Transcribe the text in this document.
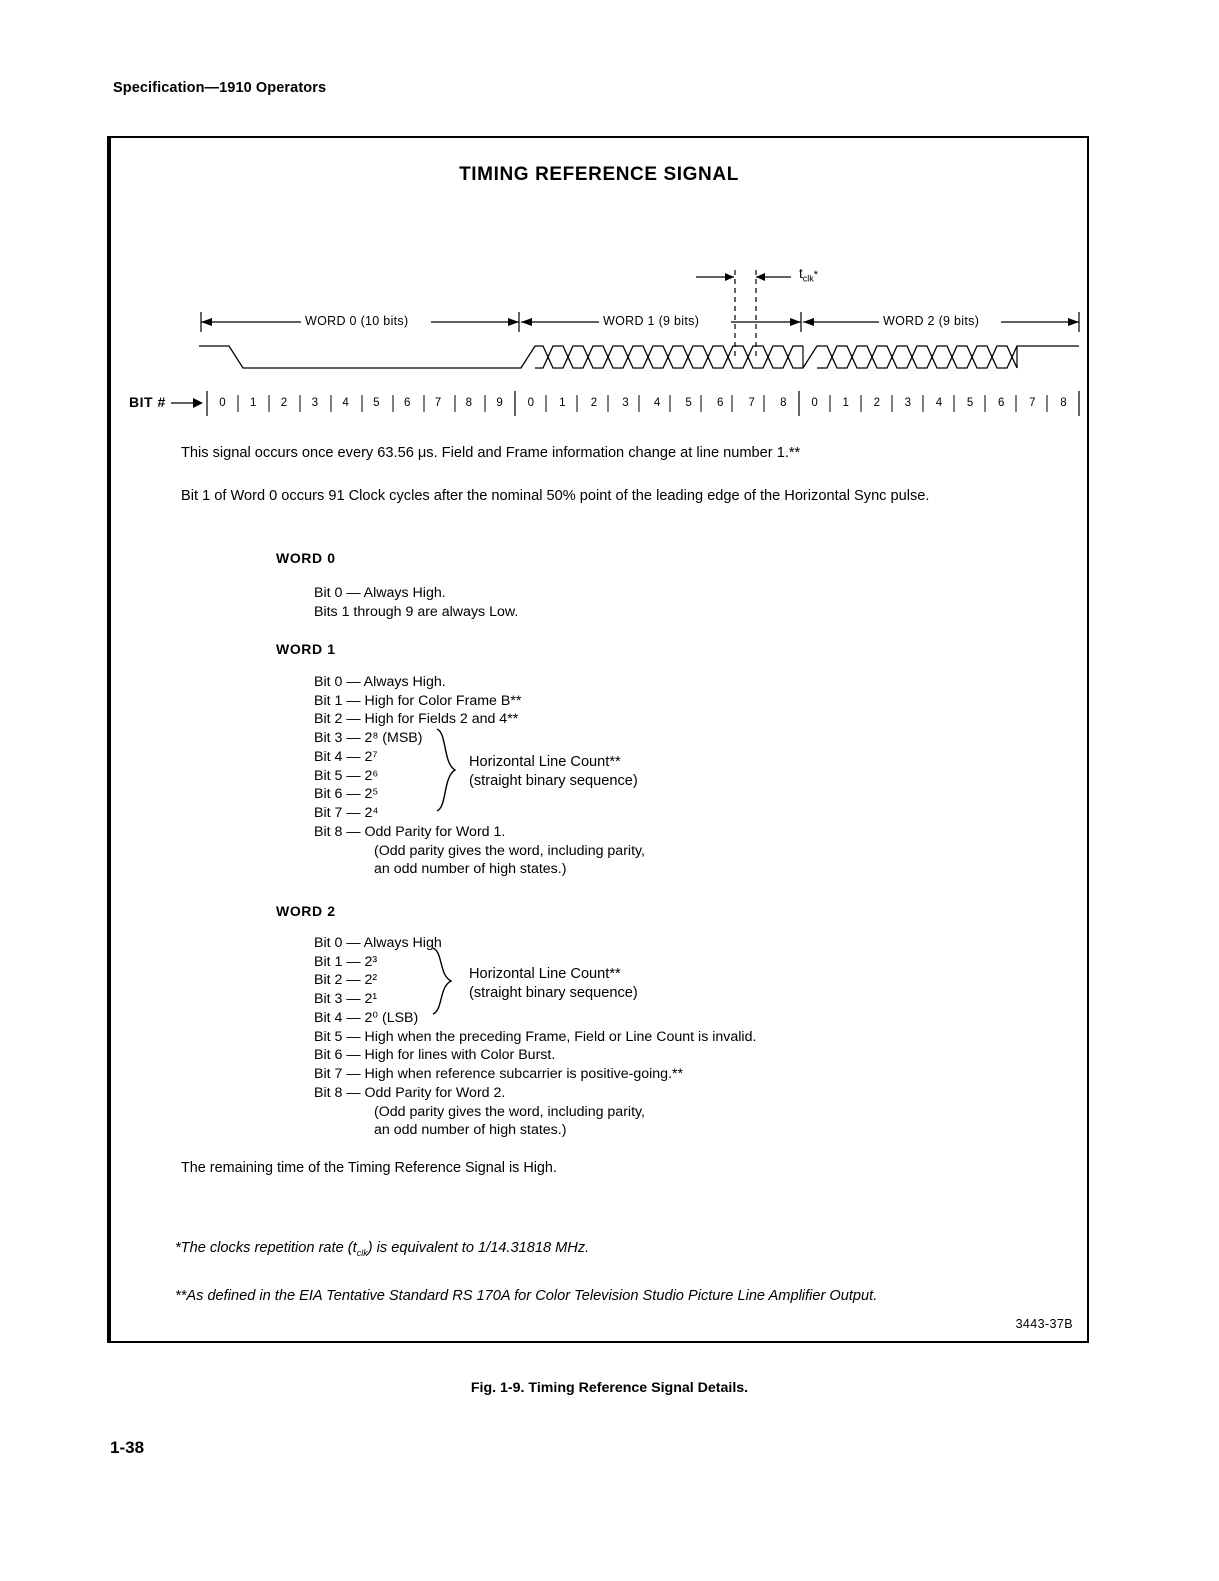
Specification—1910 Operators
TIMING REFERENCE SIGNAL
$t_{clk}*$
WORD 0 (10 bits)	WORD 1 (9 bits)	WORD 2 (9 bits)
BIT #	0	1	2	3	4	5	6	7	8	9	0	1	2	3	4	5	6	7	8	0	1	2	3	4	5	6	7	8
This signal occurs once every 63.56 μs. Field and Frame information change at line number 1.**
Bit 1 of Word 0 occurs 91 Clock cycles after the nominal 50% point of the leading edge of the Horizontal Sync pulse.
WORD 0
Bit 0 — Always High.
Bits 1 through 9 are always Low.
WORD 1
Bit 0 — Always High.
Bit 1 — High for Color Frame B**
Bit 2 — High for Fields 2 and 4**
Bit 3 — 2⁸ (MSB)
Bit 4 — 2⁷
Bit 5 — 2⁶
Bit 6 — 2⁵
Bit 7 — 2⁴
Bit 8 — Odd Parity for Word 1.
(Odd parity gives the word, including parity,
an odd number of high states.)
Horizontal Line Count**
(straight binary sequence)
WORD 2
Bit 0 — Always High
Bit 1 — 2³
Bit 2 — 2²
Bit 3 — 2¹
Bit 4 — 2⁰ (LSB)
Bit 5 — High when the preceding Frame, Field or Line Count is invalid.
Bit 6 — High for lines with Color Burst.
Bit 7 — High when reference subcarrier is positive-going.**
Bit 8 — Odd Parity for Word 2.
(Odd parity gives the word, including parity,
an odd number of high states.)
Horizontal Line Count**
(straight binary sequence)
The remaining time of the Timing Reference Signal is High.
*The clocks repetition rate $(t_{clk})$ is equivalent to 1/14.31818 MHz.
**As defined in the EIA Tentative Standard RS 170A for Color Television Studio Picture Line Amplifier Output.
3443-37B
Fig. 1-9. Timing Reference Signal Details.
1-38
